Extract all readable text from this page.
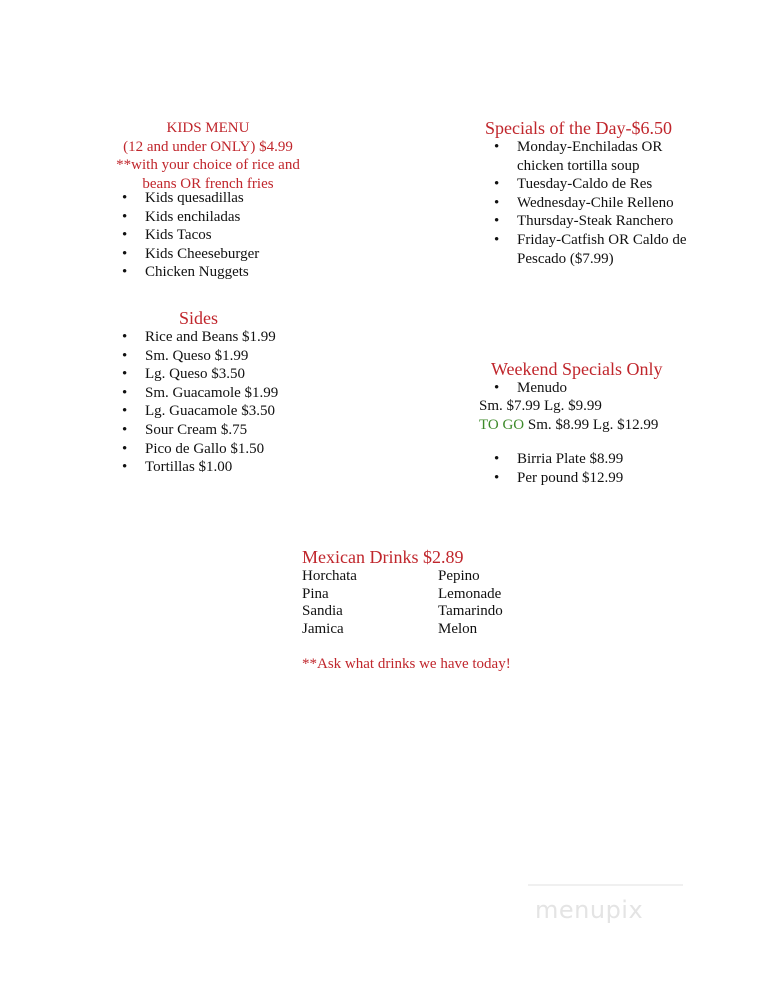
KIDS MENU
(12 and under ONLY) $4.99
**with your choice of rice and beans OR french fries
• Kids quesadillas
• Kids enchiladas
• Kids Tacos
• Kids Cheeseburger
• Chicken Nuggets
Sides
• Rice and Beans $1.99
• Sm. Queso $1.99
• Lg. Queso $3.50
• Sm. Guacamole $1.99
• Lg. Guacamole $3.50
• Sour Cream $.75
• Pico de Gallo $1.50
• Tortillas $1.00
Specials of the Day-$6.50
• Monday-Enchiladas OR chicken tortilla soup
• Tuesday-Caldo de Res
• Wednesday-Chile Relleno
• Thursday-Steak Ranchero
• Friday-Catfish OR Caldo de Pescado ($7.99)
Weekend Specials Only
• Menudo
Sm. $7.99 Lg. $9.99
TO GO Sm. $8.99 Lg. $12.99
• Birria Plate $8.99
• Per pound $12.99
Mexican Drinks $2.89
Horchata
Pina
Sandia
Jamica
Pepino
Lemonade
Tamarindo
Melon
**Ask what drinks we have today!
menupix
